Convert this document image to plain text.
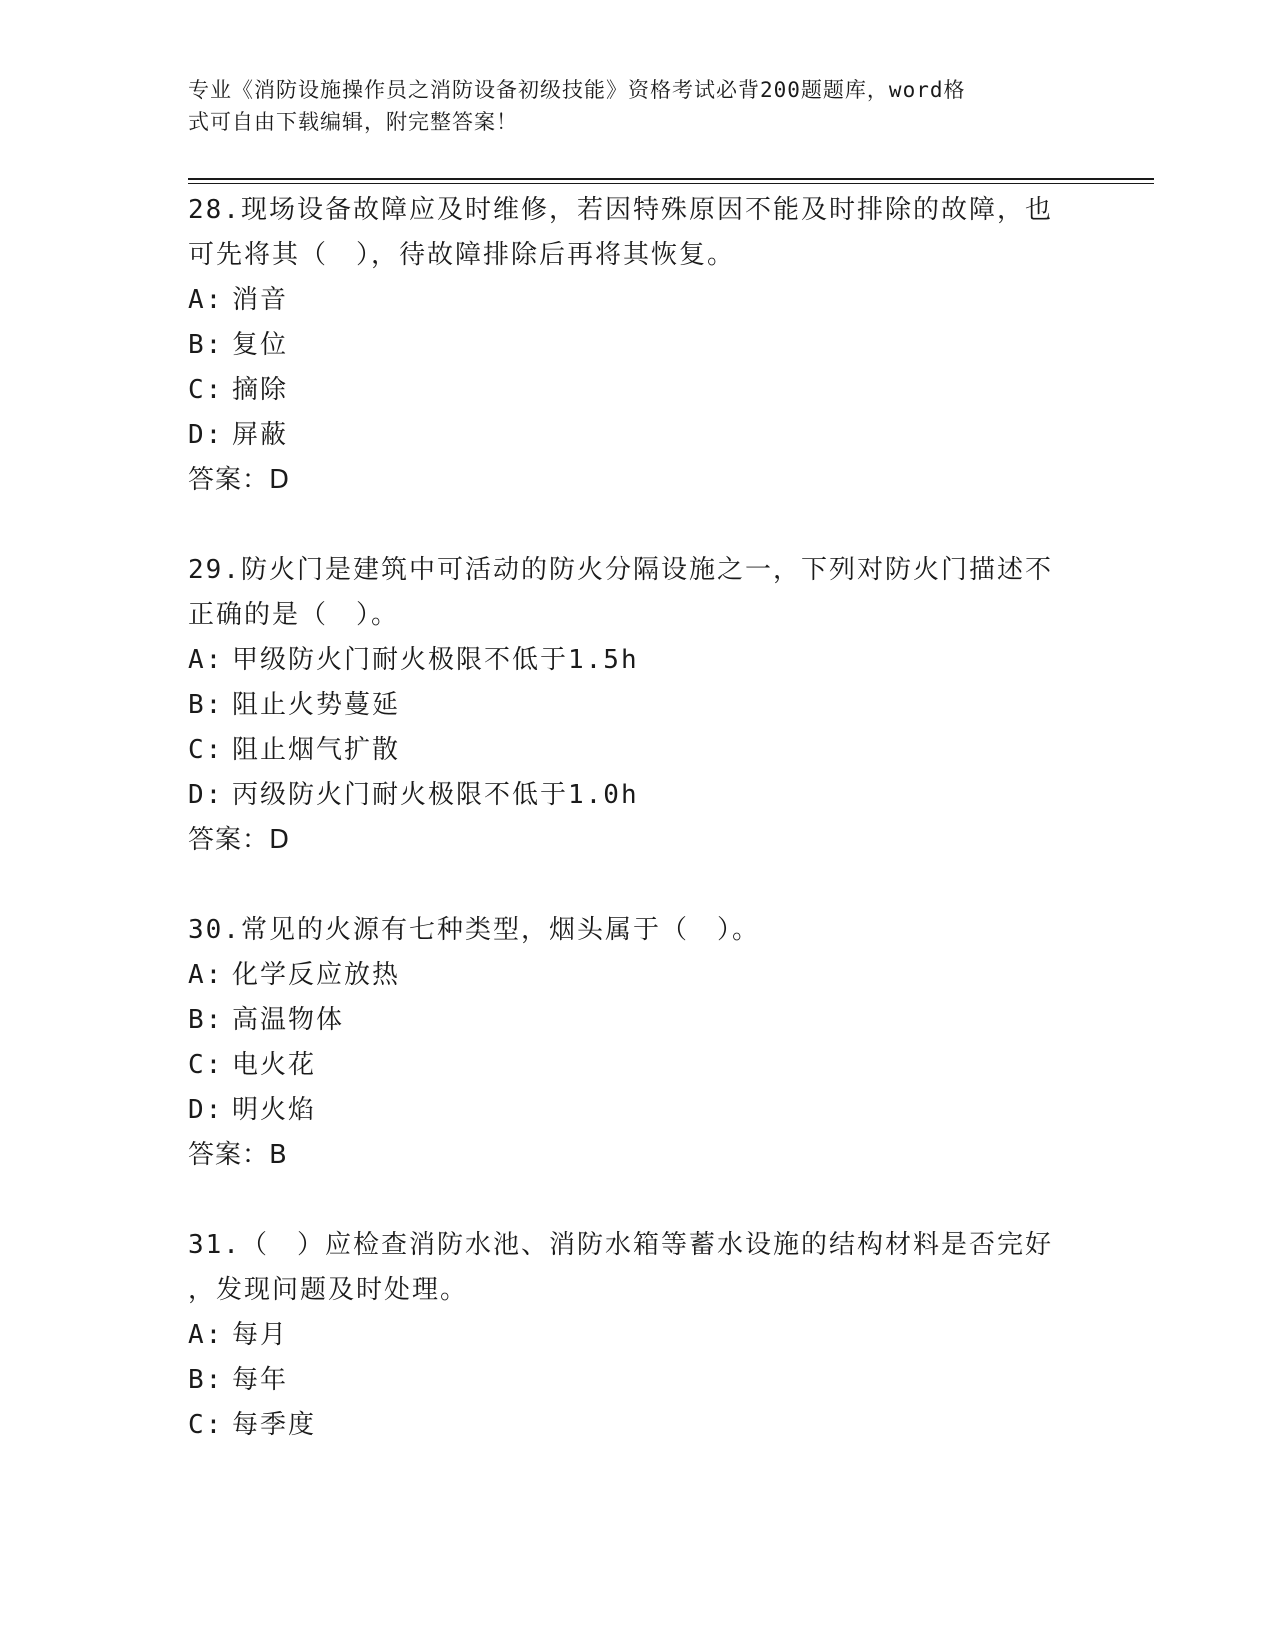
专业《消防设施操作员之消防设备初级技能》资格考试必背200题题库，word格
式可自由下载编辑，附完整答案！
28.现场设备故障应及时维修，若因特殊原因不能及时排除的故障，也
可先将其（　），待故障排除后再将其恢复。
A: 消音
B: 复位
C: 摘除
D: 屏蔽
答案：D
29.防火门是建筑中可活动的防火分隔设施之一，下列对防火门描述不
正确的是（　）。
A: 甲级防火门耐火极限不低于1.5h
B: 阻止火势蔓延
C: 阻止烟气扩散
D: 丙级防火门耐火极限不低于1.0h
答案：D
30.常见的火源有七种类型，烟头属于（　）。
A: 化学反应放热
B: 高温物体
C: 电火花
D: 明火焰
答案：B
31.（　）应检查消防水池、消防水箱等蓄水设施的结构材料是否完好
，发现问题及时处理。
A: 每月
B: 每年
C: 每季度
